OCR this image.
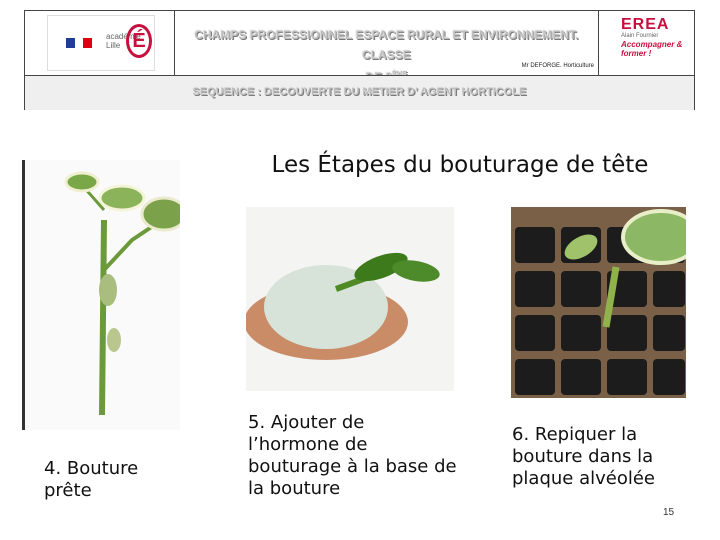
académie Lille É	CHAMPS PROFESSIONNEL ESPACE RURAL ET ENVIRONNEMENT. CLASSE

Mr DEFORGE. Horticulture
EREA
Alain Fournier
Accompagner & former !
SEQUENCE : DECOUVERTE DU METIER D’ AGENT HORTICOLE
Les Étapes du bouturage de tête
4. Bouture prête
5. Ajouter de l’hormone de bouturage à la base de la bouture
6. Repiquer la bouture dans la plaque alvéolée
15
